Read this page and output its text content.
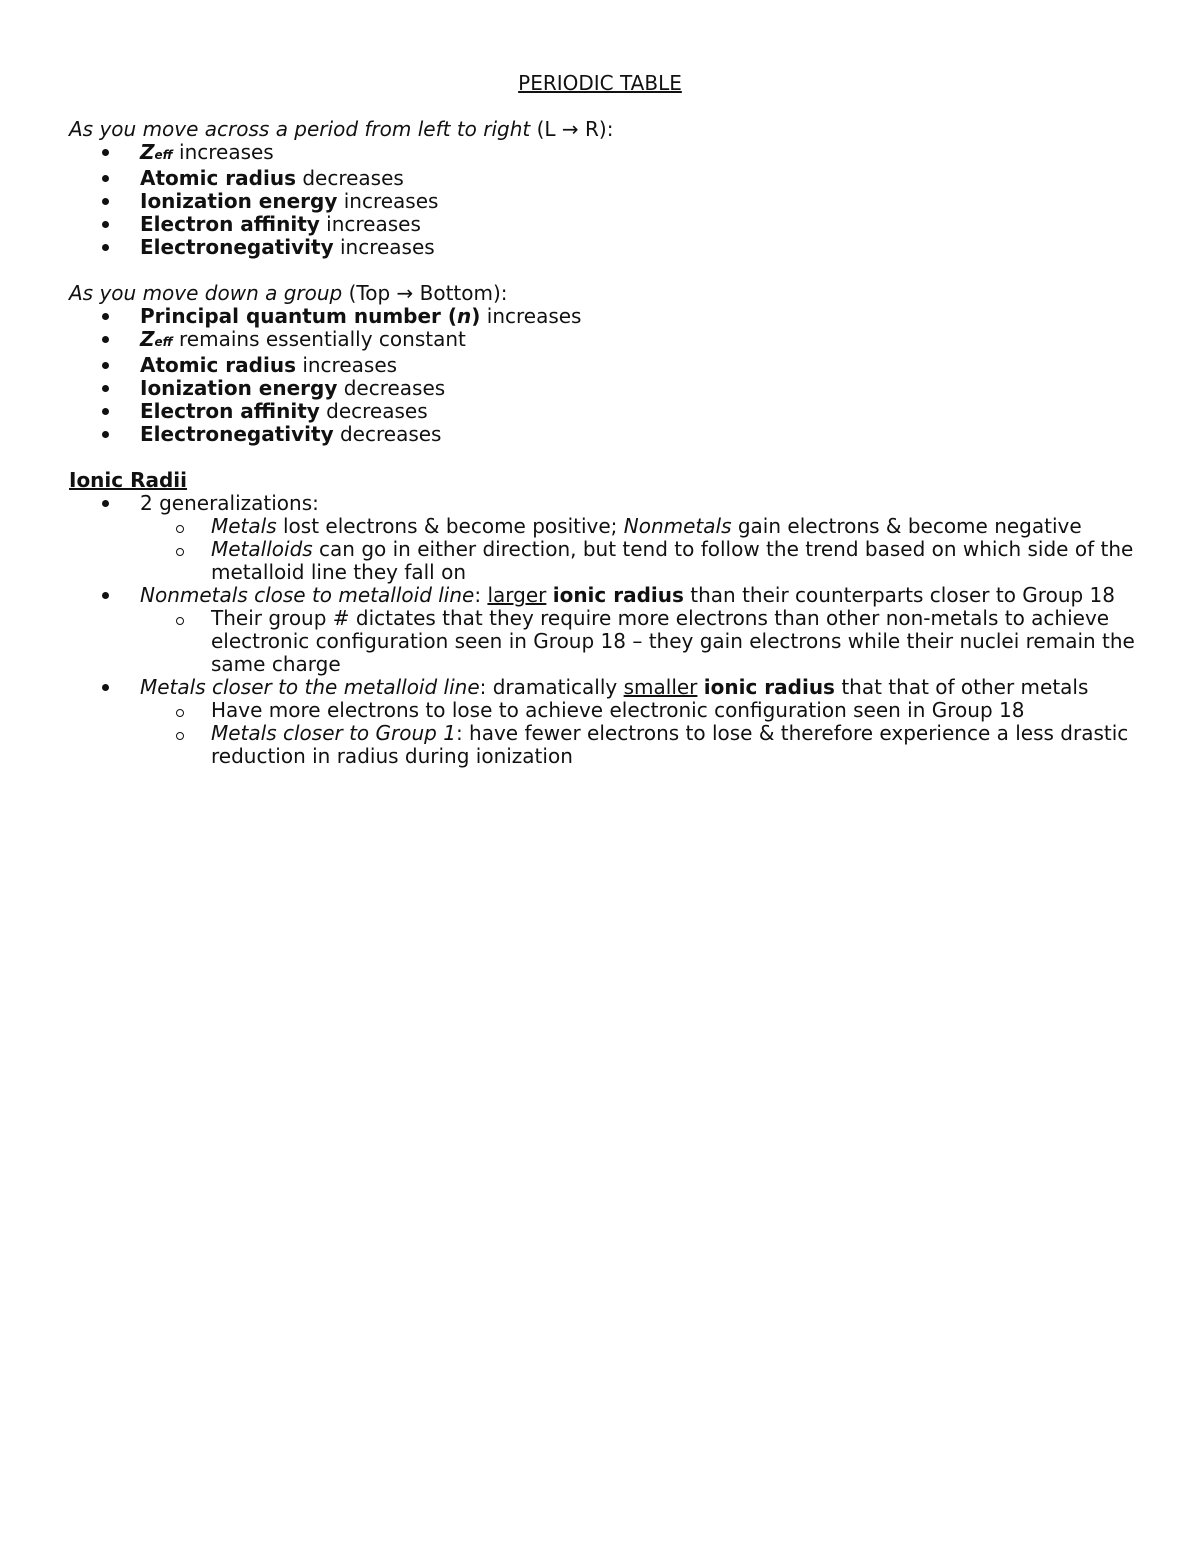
PERIODIC TABLE
As you move across a period from left to right (L → R):
Zeff increases
Atomic radius decreases
Ionization energy increases
Electron affinity increases
Electronegativity increases
As you move down a group (Top → Bottom):
Principal quantum number (n) increases
Zeff remains essentially constant
Atomic radius increases
Ionization energy decreases
Electron affinity decreases
Electronegativity decreases
Ionic Radii
2 generalizations:
Metals lost electrons & become positive; Nonmetals gain electrons & become negative
Metalloids can go in either direction, but tend to follow the trend based on which side of the
metalloid line they fall on
Nonmetals close to metalloid line: larger ionic radius than their counterparts closer to Group 18
Their group # dictates that they require more electrons than other non-metals to achieve
electronic configuration seen in Group 18 – they gain electrons while their nuclei remain the
same charge
Metals closer to the metalloid line: dramatically smaller ionic radius that that of other metals
Have more electrons to lose to achieve electronic configuration seen in Group 18
Metals closer to Group 1: have fewer electrons to lose & therefore experience a less drastic
reduction in radius during ionization
